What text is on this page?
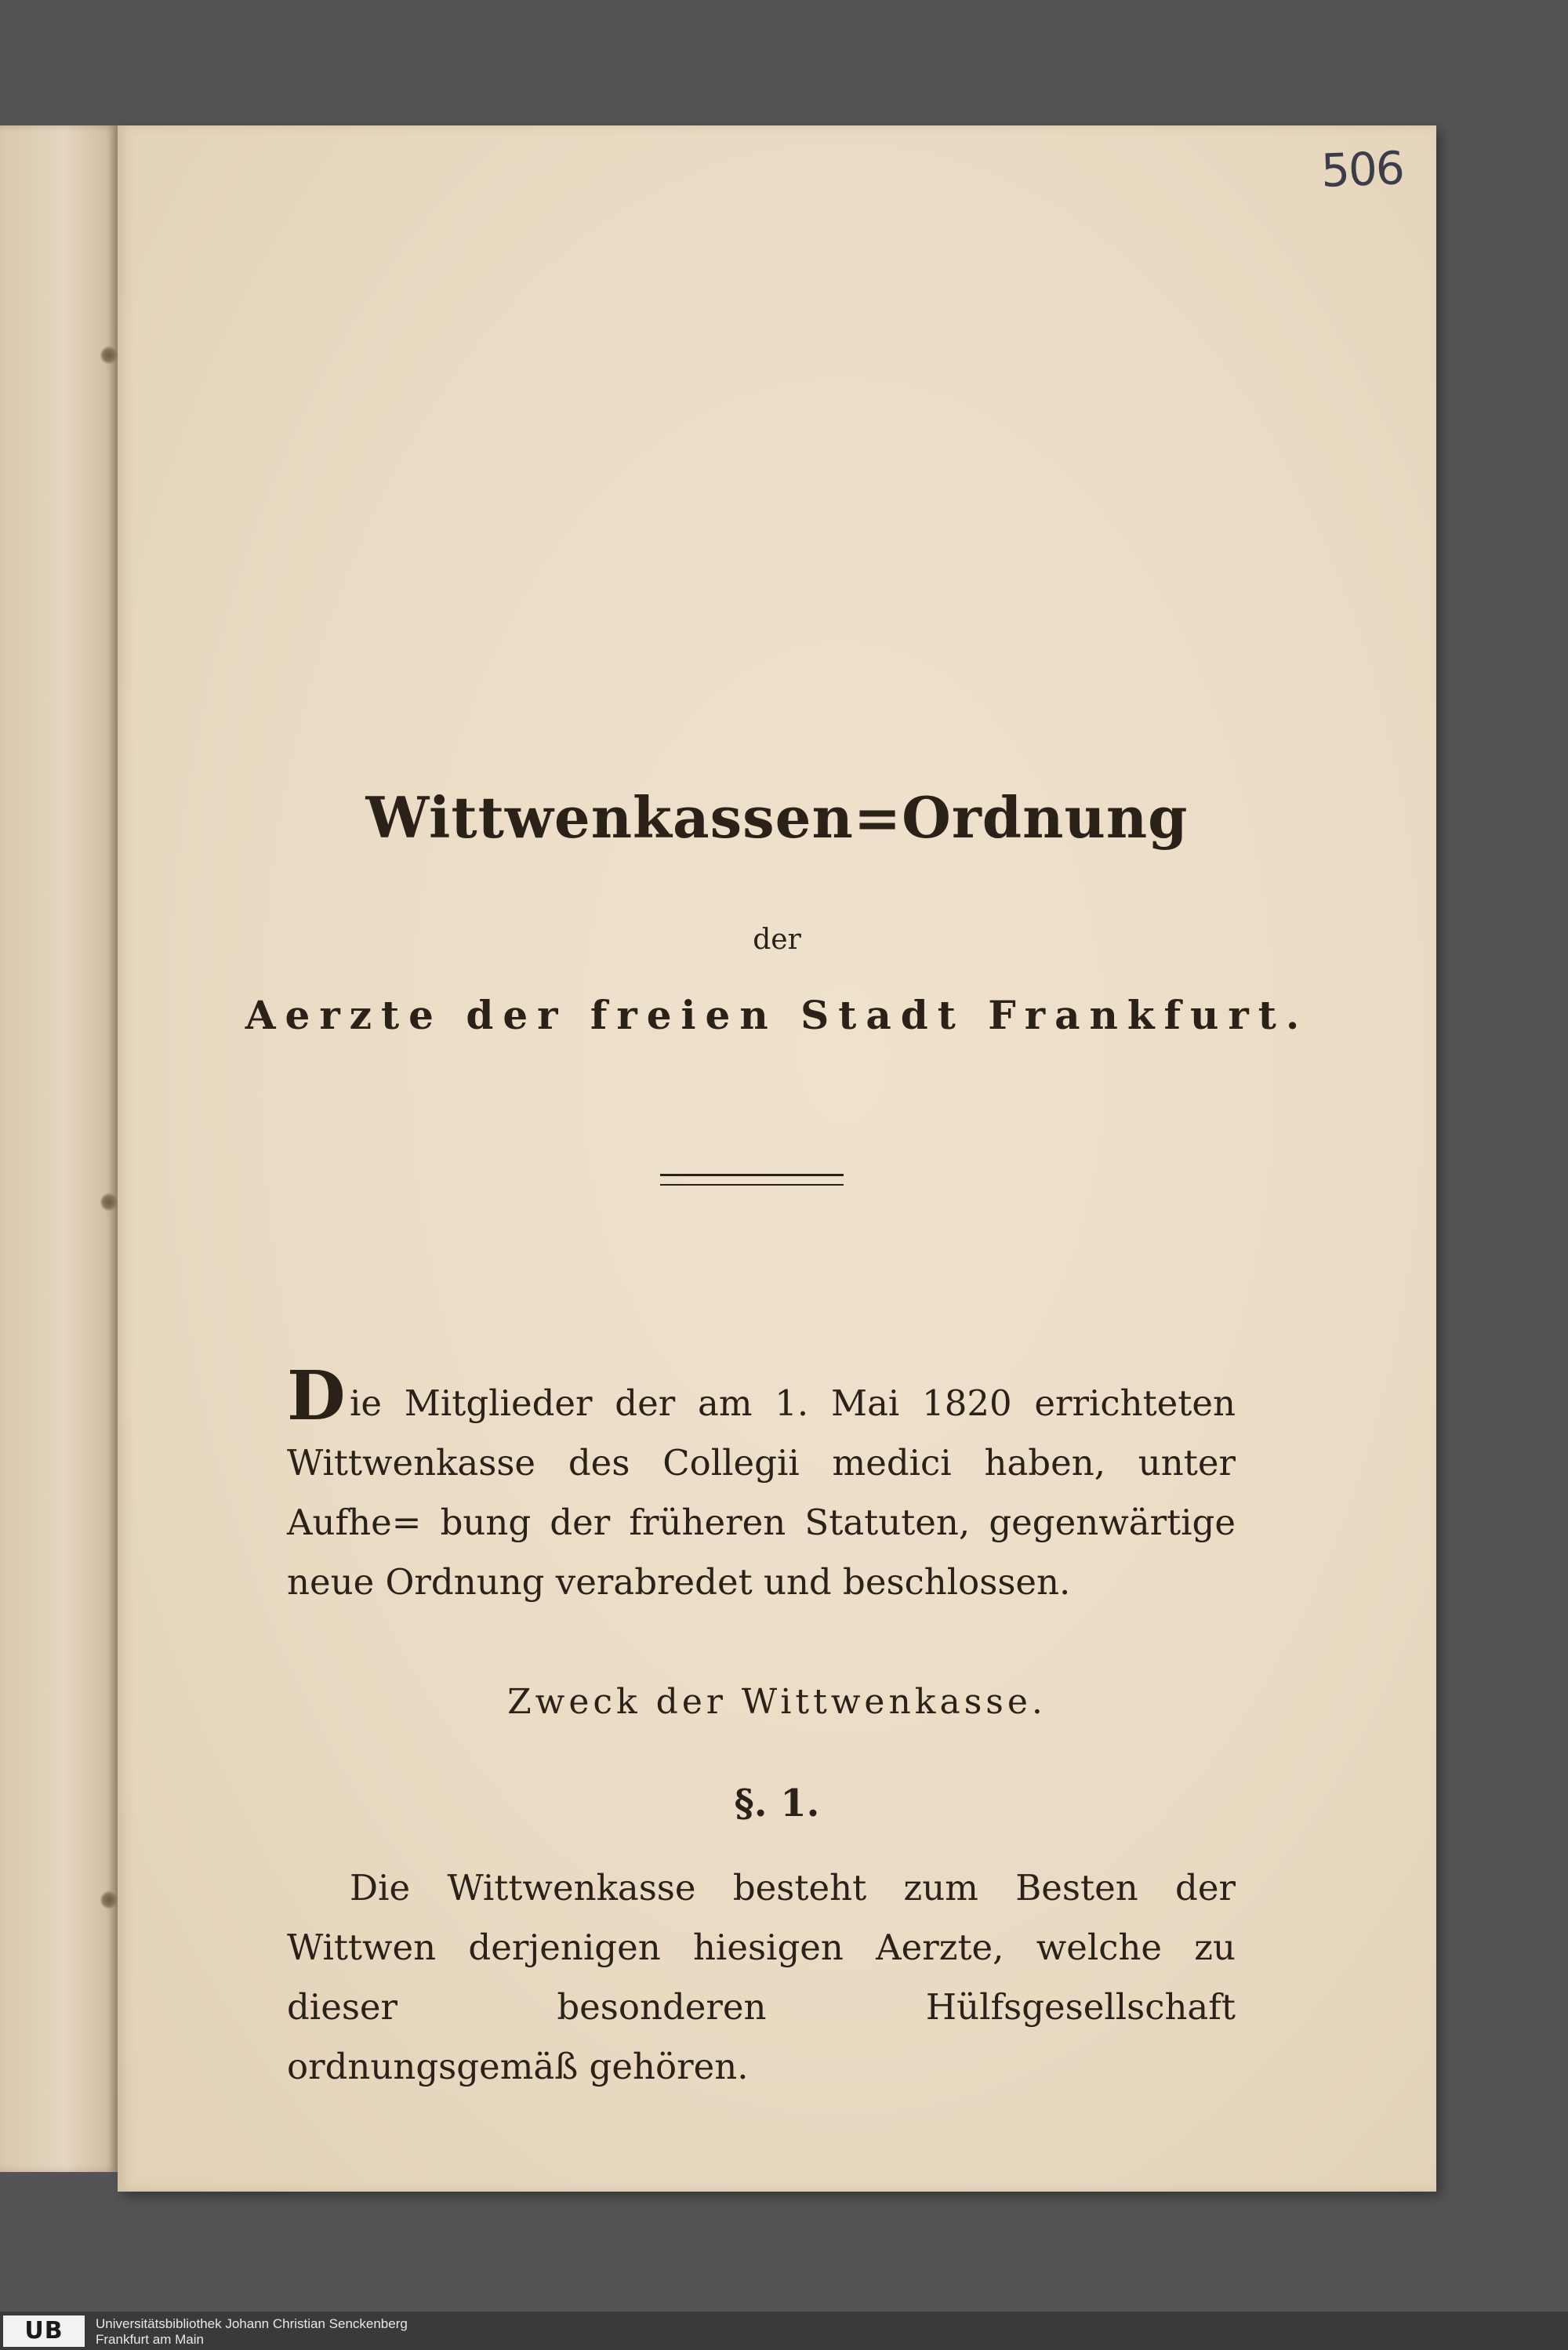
506
Wittwenkassen=Ordnung
der
Aerzte der freien Stadt Frankfurt.
D ie Mitglieder der am 1. Mai 1820 errichteten Wittwenkasse des Collegii medici haben, unter Aufhe= bung der früheren Statuten, gegenwärtige neue Ordnung verabredet und beschlossen.
Zweck der Wittwenkasse.
§. 1.
Die Wittwenkasse besteht zum Besten der Wittwen derjenigen hiesigen Aerzte, welche zu dieser besonderen Hülfsgesellschaft ordnungsgemäß gehören.
UB	Universitätsbibliothek Johann Christian Senckenberg
Frankfurt am Main
